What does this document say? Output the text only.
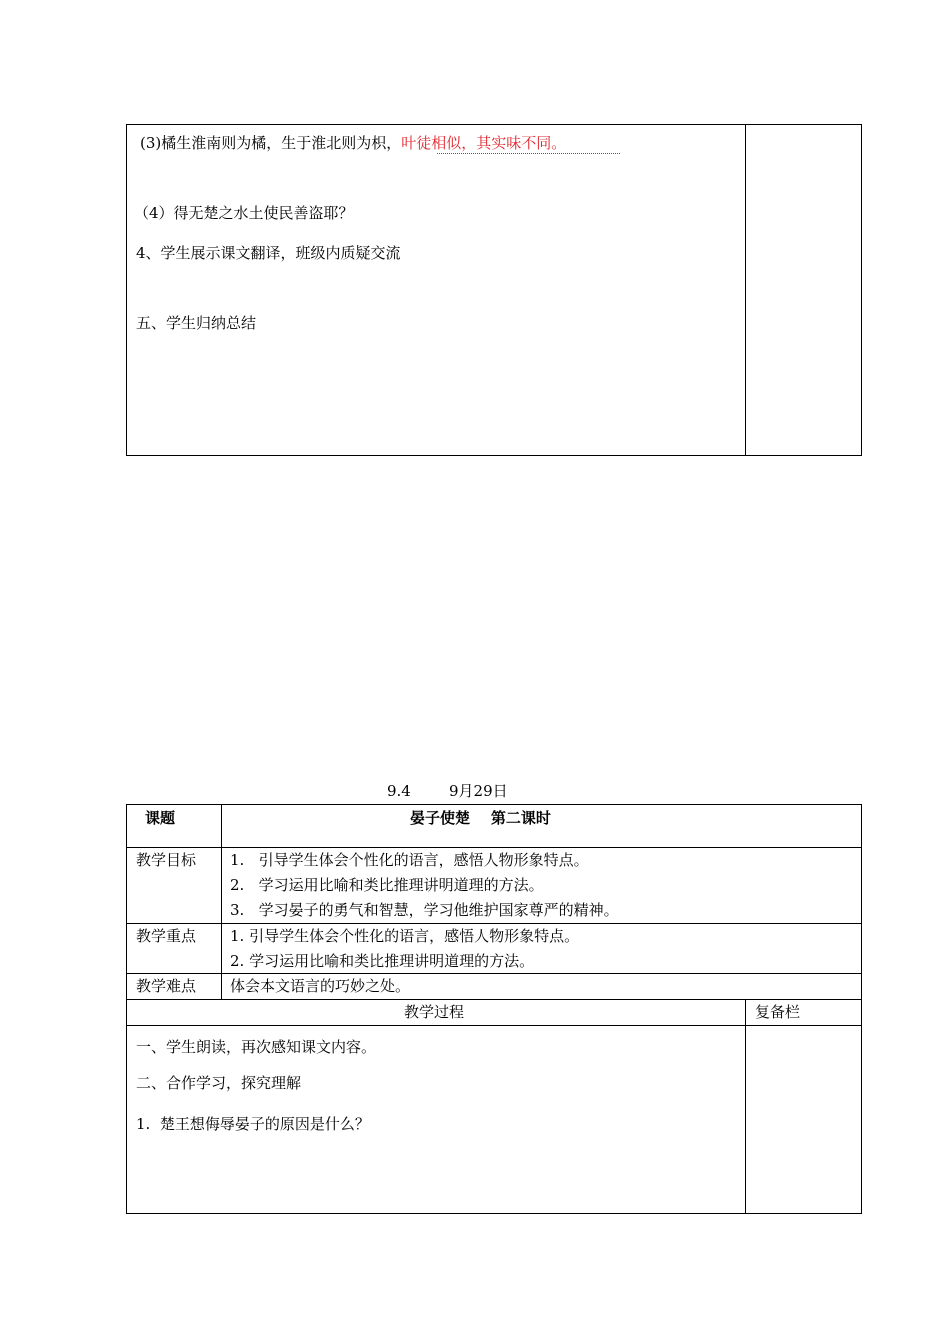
(3)橘生淮南则为橘，生于淮北则为枳，叶徒相似，其实味不同。
（4）得无楚之水土使民善盗耶？
4、学生展示课文翻译，班级内质疑交流
五、学生归纳总结
9.4        9月29日
课题	晏子使楚    第二课时
教学目标 1.   引导学生体会个性化的语言，感悟人物形象特点。
2.   学习运用比喻和类比推理讲明道理的方法。
3.   学习晏子的勇气和智慧，学习他维护国家尊严的精神。
教学重点 1. 引导学生体会个性化的语言，感悟人物形象特点。
2. 学习运用比喻和类比推理讲明道理的方法。
教学难点 体会本文语言的巧妙之处。
教学过程	复备栏
一、学生朗读，再次感知课文内容。
二、合作学习，探究理解
1.  楚王想侮辱晏子的原因是什么？
